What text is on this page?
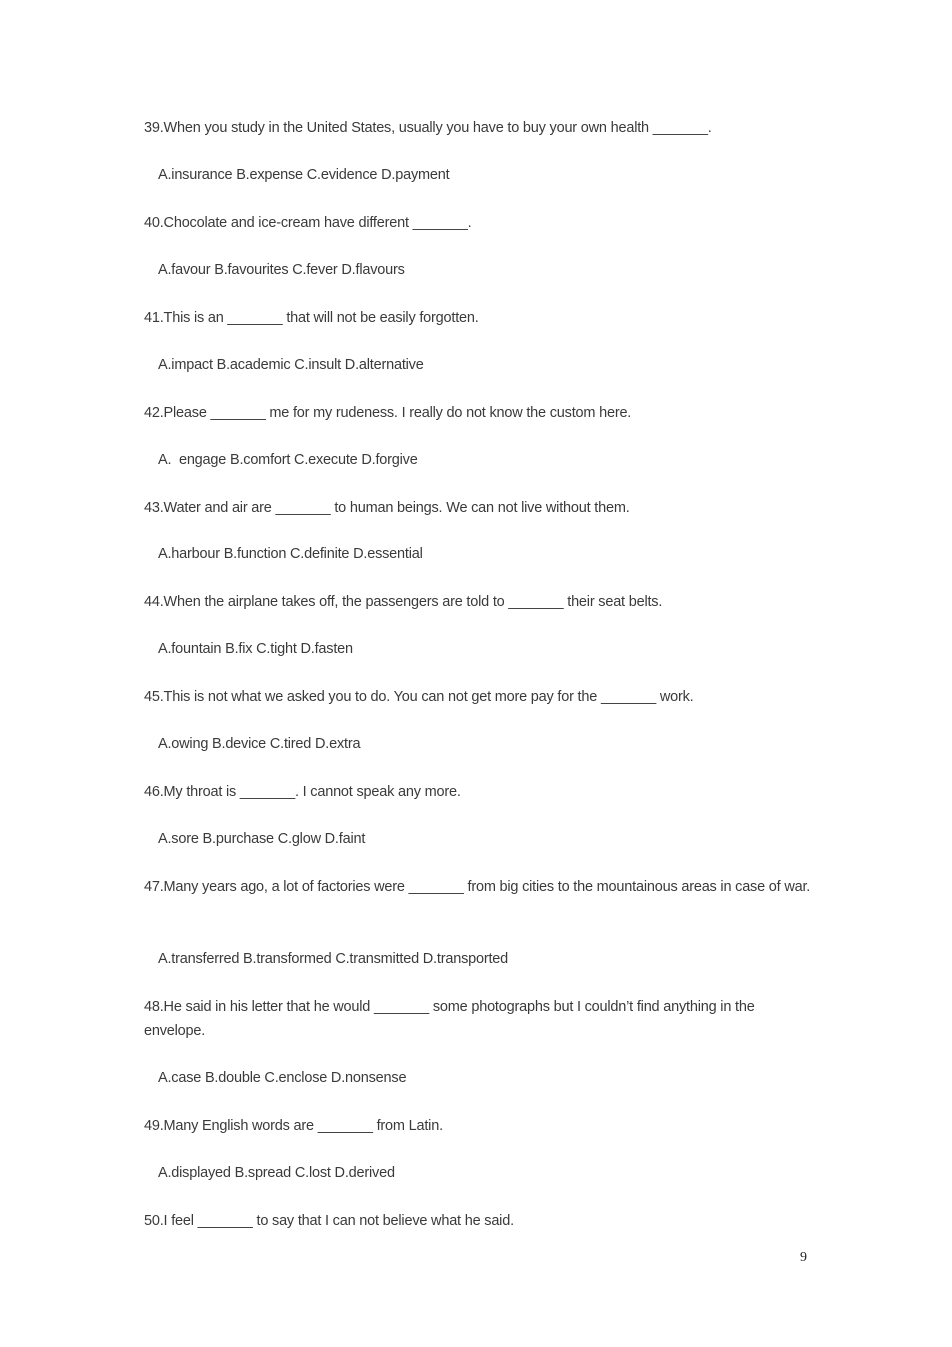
39.When you study in the United States, usually you have to buy your own health _______.
A.insurance B.expense C.evidence D.payment
40.Chocolate and ice-cream have different _______.
A.favour B.favourites C.fever D.flavours
41.This is an _______ that will not be easily forgotten.
A.impact B.academic C.insult D.alternative
42.Please _______ me for my rudeness. I really do not know the custom here.
A.  engage B.comfort C.execute D.forgive
43.Water and air are _______ to human beings. We can not live without them.
A.harbour B.function C.definite D.essential
44.When the airplane takes off, the passengers are told to _______ their seat belts.
A.fountain B.fix C.tight D.fasten
45.This is not what we asked you to do. You can not get more pay for the _______ work.
A.owing B.device C.tired D.extra
46.My throat is _______. I cannot speak any more.
A.sore B.purchase C.glow D.faint
47.Many years ago, a lot of factories were _______ from big cities to the mountainous areas in case of war.
A.transferred B.transformed C.transmitted D.transported
48.He said in his letter that he would _______ some photographs but I couldn’t find anything in the envelope.
A.case B.double C.enclose D.nonsense
49.Many English words are _______ from Latin.
A.displayed B.spread C.lost D.derived
50.I feel _______ to say that I can not believe what he said.
9
